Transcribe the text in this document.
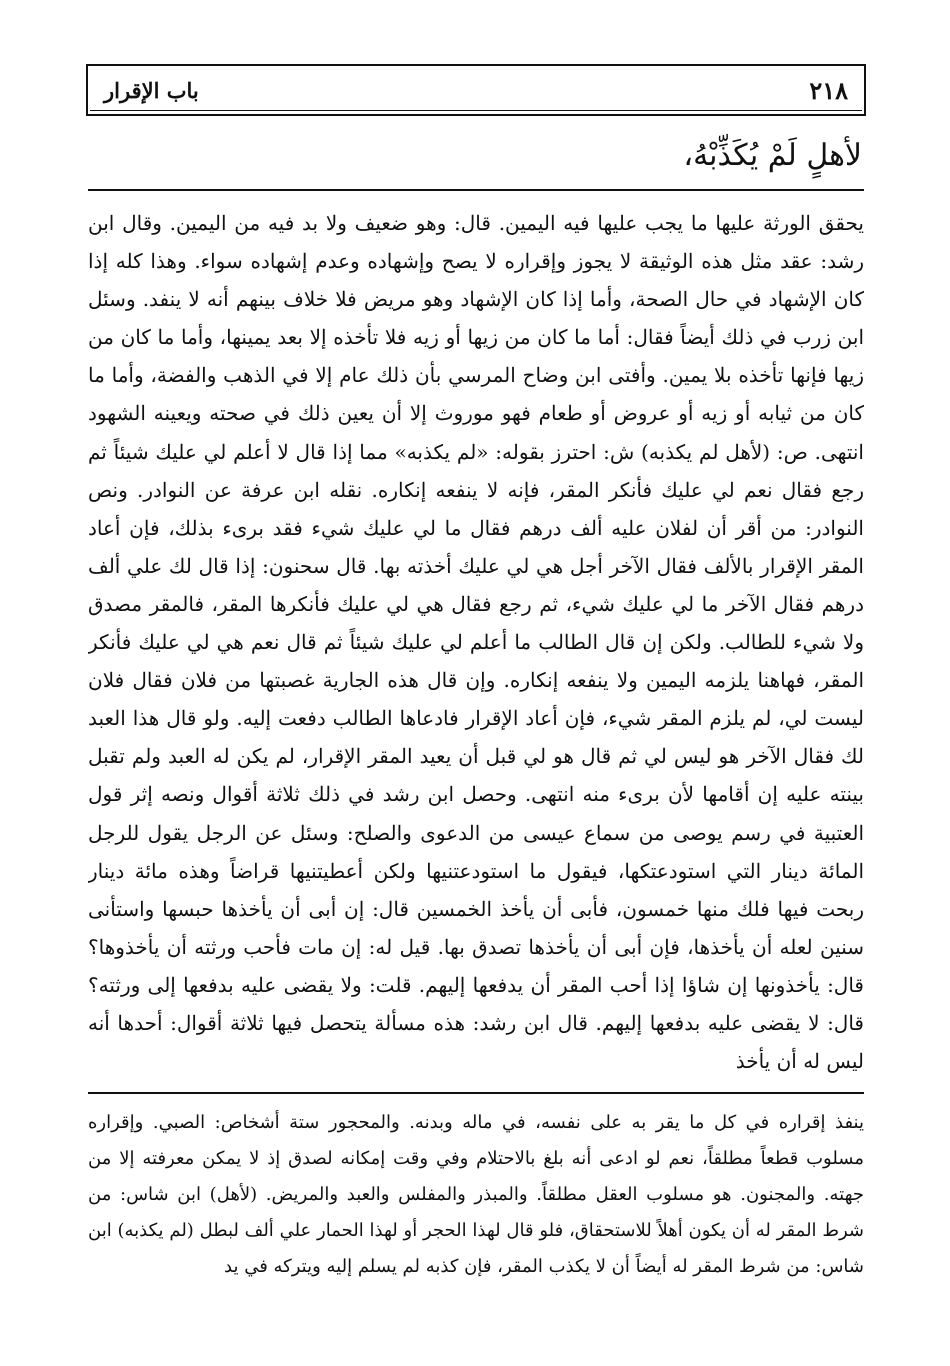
٢١٨
باب الإقرار
لأهلٍ لَمْ يُكَذِّبْهُ،

يحقق الورثة عليها ما يجب عليها فيه اليمين. قال: وهو ضعيف ولا بد فيه من اليمين. وقال ابن رشد: عقد مثل هذه الوثيقة لا يجوز وإقراره لا يصح وإشهاده وعدم إشهاده سواء. وهذا كله إذا كان الإشهاد في حال الصحة، وأما إذا كان الإشهاد وهو مريض فلا خلاف بينهم أنه لا ينفد. وسئل ابن زرب في ذلك أيضاً فقال: أما ما كان من زيها أو زيه فلا تأخذه إلا بعد يمينها، وأما ما كان من زيها فإنها تأخذه بلا يمين. وأفتى ابن وضاح المرسي بأن ذلك عام إلا في الذهب والفضة، وأما ما كان من ثيابه أو زيه أو عروض أو طعام فهو موروث إلا أن يعين ذلك في صحته ويعينه الشهود انتهى. ص: (لأهل لم يكذبه) ش: احترز بقوله: «لم يكذبه» مما إذا قال لا أعلم لي عليك شيئاً ثم رجع فقال نعم لي عليك فأنكر المقر، فإنه لا ينفعه إنكاره. نقله ابن عرفة عن النوادر. ونص النوادر: من أقر أن لفلان عليه ألف درهم فقال ما لي عليك شيء فقد برىء بذلك، فإن أعاد المقر الإقرار بالألف فقال الآخر أجل هي لي عليك أخذته بها. قال سحنون: إذا قال لك علي ألف درهم فقال الآخر ما لي عليك شيء، ثم رجع فقال هي لي عليك فأنكرها المقر، فالمقر مصدق ولا شيء للطالب. ولكن إن قال الطالب ما أعلم لي عليك شيئاً ثم قال نعم هي لي عليك فأنكر المقر، فهاهنا يلزمه اليمين ولا ينفعه إنكاره. وإن قال هذه الجارية غصبتها من فلان فقال فلان ليست لي، لم يلزم المقر شيء، فإن أعاد الإقرار فادعاها الطالب دفعت إليه. ولو قال هذا العبد لك فقال الآخر هو ليس لي ثم قال هو لي قبل أن يعيد المقر الإقرار، لم يكن له العبد ولم تقبل بينته عليه إن أقامها لأن برىء منه انتهى. وحصل ابن رشد في ذلك ثلاثة أقوال ونصه إثر قول العتبية في رسم يوصى من سماع عيسى من الدعوى والصلح: وسئل عن الرجل يقول للرجل المائة دينار التي استودعتكها، فيقول ما استودعتنيها ولكن أعطيتنيها قراضاً وهذه مائة دينار ربحت فيها فلك منها خمسون، فأبى أن يأخذ الخمسين قال: إن أبى أن يأخذها حبسها واستأنى سنين لعله أن يأخذها، فإن أبى أن يأخذها تصدق بها. قيل له: إن مات فأحب ورثته أن يأخذوها؟ قال: يأخذونها إن شاؤا إذا أحب المقر أن يدفعها إليهم. قلت: ولا يقضى عليه بدفعها إلى ورثته؟ قال: لا يقضى عليه بدفعها إليهم. قال ابن رشد: هذه مسألة يتحصل فيها ثلاثة أقوال: أحدها أنه ليس له أن يأخذ

ينفذ إقراره في كل ما يقر به على نفسه، في ماله وبدنه. والمحجور ستة أشخاص: الصبي. وإقراره مسلوب قطعاً مطلقاً، نعم لو ادعى أنه بلغ بالاحتلام وفي وقت إمكانه لصدق إذ لا يمكن معرفته إلا من جهته. والمجنون. هو مسلوب العقل مطلقاً. والمبذر والمفلس والعبد والمريض. (لأهل) ابن شاس: من شرط المقر له أن يكون أهلاً للاستحقاق، فلو قال لهذا الحجر أو لهذا الحمار علي ألف لبطل (لم يكذبه) ابن شاس: من شرط المقر له أيضاً أن لا يكذب المقر، فإن كذبه لم يسلم إليه ويتركه في يد
